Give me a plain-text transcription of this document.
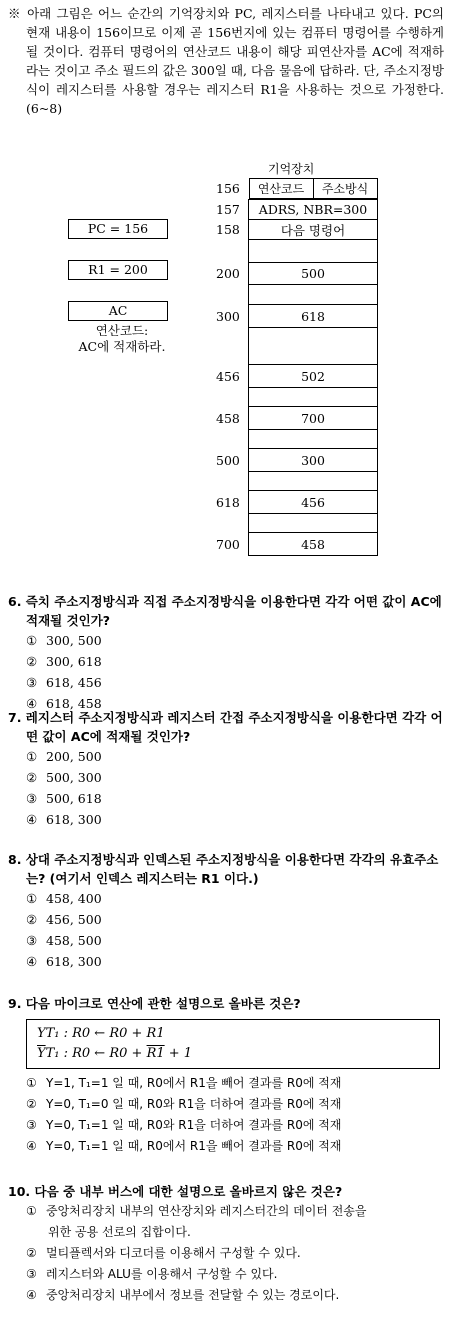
※ 아래 그림은 어느 순간의 기억장치와 PC, 레지스터를 나타내고 있다. PC의 현재 내용이 156이므로 이제 곧 156번지에 있는 컴퓨터 명령어를 수행하게 될 것이다. 컴퓨터 명령어의 연산코드 내용이 해당 피연산자를 AC에 적재하라는 것이고 주소 필드의 값은 300일 때, 다음 물음에 답하라. 단, 주소지정방식이 레지스터를 사용할 경우는 레지스터 R1을 사용하는 것으로 가정한다. (6~8)

기억장치
156	연산코드	주소방식

157	ADRS, NBR=300
158	다음 명령어

200	500

300	618

456	502

458	700

500	300

618	456

700	458
PC = 156
R1 = 200
AC
연산코드:
AC에 적재하라.
6. 즉치 주소지정방식과 직접 주소지정방식을 이용한다면 각각 어떤 값이 AC에 적재될 것인가?
① 300, 500
② 300, 618
③ 618, 456
④ 618, 458
7. 레지스터 주소지정방식과 레지스터 간접 주소지정방식을 이용한다면 각각 어떤 값이 AC에 적재될 것인가?
① 200, 500
② 500, 300
③ 500, 618
④ 618, 300
8. 상대 주소지정방식과 인덱스된 주소지정방식을 이용한다면 각각의 유효주소는? (여기서 인덱스 레지스터는 R1 이다.)
① 458, 400
② 456, 500
③ 458, 500
④ 618, 300
9. 다음 마이크로 연산에 관한 설명으로 올바른 것은?
YT₁ : R0 ← R0 + R1
$\overline{Y}T_1$ : R0 ← R0 + R1 + 1
① Y=1, T₁=1 일 때, R0에서 R1을 빼어 결과를 R0에 적재
② Y=0, T₁=0 일 때, R0와 R1을 더하여 결과를 R0에 적재
③ Y=0, T₁=1 일 때, R0와 R1을 더하여 결과를 R0에 적재
④ Y=0, T₁=1 일 때, R0에서 R1을 빼어 결과를 R0에 적재
10. 다음 중 내부 버스에 대한 설명으로 올바르지 않은 것은?
① 중앙처리장치 내부의 연산장치와 레지스터간의 데이터 전송을
위한 공용 선로의 집합이다.
② 멀티플렉서와 디코더를 이용해서 구성할 수 있다.
③ 레지스터와 ALU를 이용해서 구성할 수 있다.
④ 중앙처리장치 내부에서 정보를 전달할 수 있는 경로이다.
